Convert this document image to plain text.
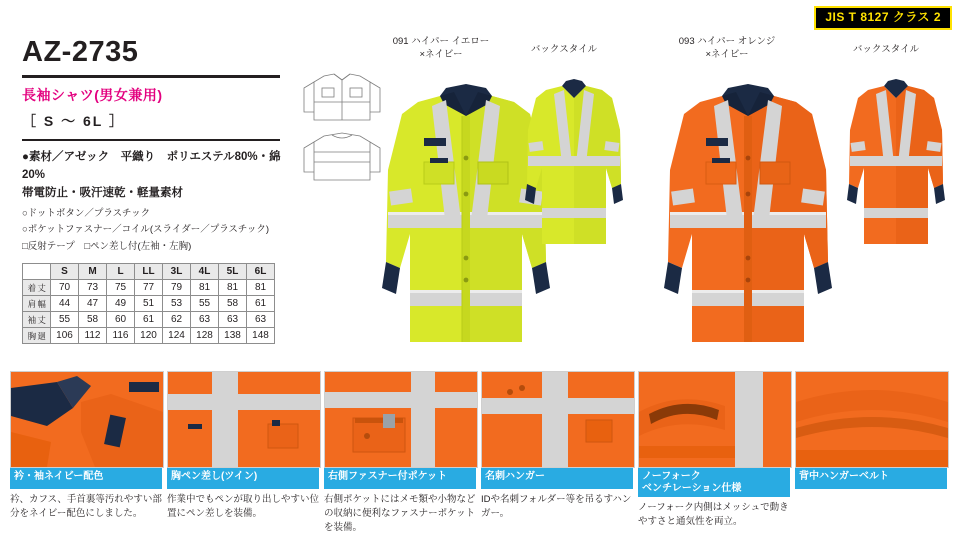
JIS T 8127 クラス 2
AZ-2735
長袖シャツ(男女兼用)
［ S ～ 6L ］
●素材／アゼック　平織り　ポリエステル80%・綿20%
帯電防止・吸汗速乾・軽量素材
○ドットボタン／プラスチック
○ポケットファスナー／コイル(スライダー／プラスチック)
□反射テープ　□ペン差し付(左袖・左胸)
	S	M	L	LL	3L	4L	5L	6L
着 丈	70	73	75	77	79	81	81	81
肩 幅	44	47	49	51	53	55	58	61
袖 丈	55	58	60	61	62	63	63	63
胸 廻	106	112	116	120	124	128	138	148
091 ハイパー イエロー
×ネイビー	バックスタイル
093 ハイパー オレンジ
×ネイビー	バックスタイル
衿・袖ネイビー配色
衿、カフス、手首裏等汚れやすい部分をネイビー配色にしました。
胸ペン差し(ツイン)
作業中でもペンが取り出しやすい位置にペン差しを装備。
右側ファスナー付ポケット
右側ポケットにはメモ類や小物などの収納に便利なファスナーポケットを装備。
名刺ハンガー
IDや名刺フォルダー等を吊るすハンガー。
ノーフォーク
ベンチレーション仕様
ノーフォーク内側はメッシュで動きやすさと通気性を両立。
背中ハンガーベルト
